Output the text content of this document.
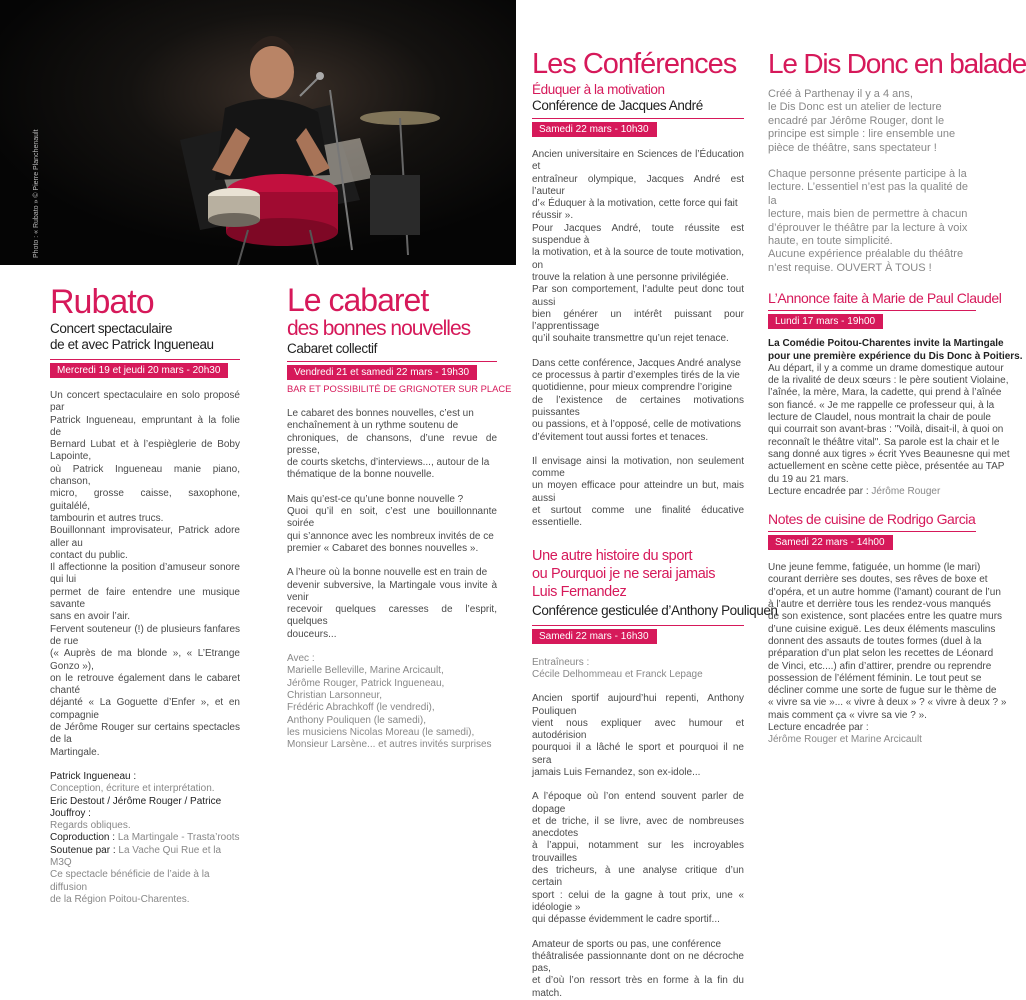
Photo : « Rubato » © Pierre Planchenault
Rubato
Concert spectaculaire
de et avec Patrick Ingueneau
Mercredi 19 et jeudi 20 mars - 20h30

Un concert spectaculaire en solo proposé par

Patrick Ingueneau, empruntant à la folie de

Bernard Lubat et à l’espièglerie de Boby Lapointe,

où Patrick Ingueneau manie piano, chanson,

micro, grosse caisse, saxophone, guitalélé,

tambourin et autres trucs.

Bouillonnant improvisateur, Patrick adore aller au

contact du public.

Il affectionne la position d’amuseur sonore qui lui

permet de faire entendre une musique savante

sans en avoir l’air.

Fervent souteneur (!) de plusieurs fanfares de rue

(« Auprès de ma blonde », « L’Etrange Gonzo »),

on le retrouve également dans le cabaret chanté

déjanté « La Goguette d’Enfer », et en compagnie

de Jérôme Rouger sur certains spectacles de la

Martingale.

Patrick Ingueneau :

Conception, écriture et interprétation.

Eric Destout / Jérôme Rouger / Patrice Jouffroy :

Regards obliques.

Coproduction : La Martingale - Trasta’roots

Soutenue par : La Vache Qui Rue et la M3Q

Ce spectacle bénéficie de l’aide à la diffusion

de la Région Poitou-Charentes.

Le cabaret
des bonnes nouvelles
Cabaret collectif
Vendredi 21 et samedi 22 mars - 19h30
BAR ET POSSIBILITÉ DE GRIGNOTER SUR PLACE

Le cabaret des bonnes nouvelles, c’est un

enchaînement à un rythme soutenu de

chroniques, de chansons, d’une revue de presse,

de courts sketchs, d’interviews..., autour de la

thématique de la bonne nouvelle.

Mais qu’est-ce qu’une bonne nouvelle ?

Quoi qu’il en soit, c’est une bouillonnante soirée

qui s’annonce avec les nombreux invités de ce

premier « Cabaret des bonnes nouvelles ».

A l’heure où la bonne nouvelle est en train de

devenir subversive, la Martingale vous invite à venir

recevoir quelques caresses de l’esprit, quelques

douceurs...

Avec :

Marielle Belleville, Marine Arcicault,

Jérôme Rouger, Patrick Ingueneau,

Christian Larsonneur,

Frédéric Abrachkoff (le vendredi),

Anthony Pouliquen (le samedi),

les musiciens Nicolas Moreau (le samedi),

Monsieur Larsène... et autres invités surprises

Les Conférences
Éduquer à la motivation
Conférence de Jacques André
Samedi 22 mars - 10h30

Ancien universitaire en Sciences de l’Éducation et

entraîneur olympique, Jacques André est l’auteur

d’« Éduquer à la motivation, cette force qui fait

réussir ».

Pour Jacques André, toute réussite est suspendue à

la motivation, et à la source de toute motivation, on

trouve la relation à une personne privilégiée.

Par son comportement, l’adulte peut donc tout aussi

bien générer un intérêt puissant pour l’apprentissage

qu’il souhaite transmettre qu’un rejet tenace.

Dans cette conférence, Jacques André analyse

ce processus à partir d’exemples tirés de la vie

quotidienne, pour mieux comprendre l’origine

de l’existence de certaines motivations puissantes

ou passions, et à l’opposé, celle de motivations

d’évitement tout aussi fortes et tenaces.

Il envisage ainsi la motivation, non seulement comme

un moyen efficace pour atteindre un but, mais aussi

et surtout comme une finalité éducative essentielle.

Une autre histoire du sport
ou Pourquoi je ne serai jamais
Luis Fernandez
Conférence gesticulée d’Anthony Pouliquen
Samedi 22 mars - 16h30

Entraîneurs :

Cécile Delhommeau et Franck Lepage

Ancien sportif aujourd’hui repenti, Anthony Pouliquen

vient nous expliquer avec humour et autodérision

pourquoi il a lâché le sport et pourquoi il ne sera

jamais Luis Fernandez, son ex-idole...

A l’époque où l’on entend souvent parler de dopage

et de triche, il se livre, avec de nombreuses anecdotes

à l’appui, notamment sur les incroyables trouvailles

des tricheurs, à une analyse critique d’un certain

sport : celui de la gagne à tout prix, une « idéologie »

qui dépasse évidemment le cadre sportif...

Amateur de sports ou pas, une conférence

théâtralisée passionnante dont on ne décroche pas,

et d’où l’on ressort très en forme à la fin du match.

Le Dis Donc en balade

Créé à Parthenay il y a 4 ans,

le Dis Donc est un atelier de lecture

encadré par Jérôme Rouger, dont le

principe est simple : lire ensemble une

pièce de théâtre, sans spectateur !

Chaque personne présente participe à la

lecture. L’essentiel n’est pas la qualité de la

lecture, mais bien de permettre à chacun

d’éprouver le théâtre par la lecture à voix

haute, en toute simplicité.

Aucune expérience préalable du théâtre

n’est requise. OUVERT À TOUS !

L’Annonce faite à Marie de Paul Claudel
Lundi 17 mars - 19h00

La Comédie Poitou-Charentes invite la Martingale

pour une première expérience du Dis Donc à Poitiers.

Au départ, il y a comme un drame domestique autour

de la rivalité de deux sœurs : le père soutient Violaine,

l’aînée, la mère, Mara, la cadette, qui prend à l’aînée

son fiancé. « Je me rappelle ce professeur qui, à la

lecture de Claudel, nous montrait la chair de poule

qui courrait son avant-bras : "Voilà, disait-il, à quoi on

reconnaît le théâtre vital". Sa parole est la chair et le

sang donné aux tigres » écrit Yves Beaunesne qui met

actuellement en scène cette pièce, présentée au TAP

du 19 au 21 mars.

Lecture encadrée par : Jérôme Rouger

Notes de cuisine de Rodrigo Garcia
Samedi 22 mars - 14h00

Une jeune femme, fatiguée, un homme (le mari)

courant derrière ses doutes, ses rêves de boxe et

d’opéra, et un autre homme (l’amant) courant de l’un

à l’autre et derrière tous les rendez-vous manqués

de son existence, sont placées entre les quatre murs

d’une cuisine exiguë. Les deux éléments masculins

donnent des assauts de toutes formes (duel à la

préparation d’un plat selon les recettes de Léonard

de Vinci, etc....) afin d’attirer, prendre ou reprendre

possession de l’élément féminin. Le tout peut se

décliner comme une sorte de fugue sur le thème de

« vivre sa vie »... « vivre à deux » ? « vivre à deux ? »

mais comment ça « vivre sa vie ? ».

Lecture encadrée par :

Jérôme Rouger et Marine Arcicault
